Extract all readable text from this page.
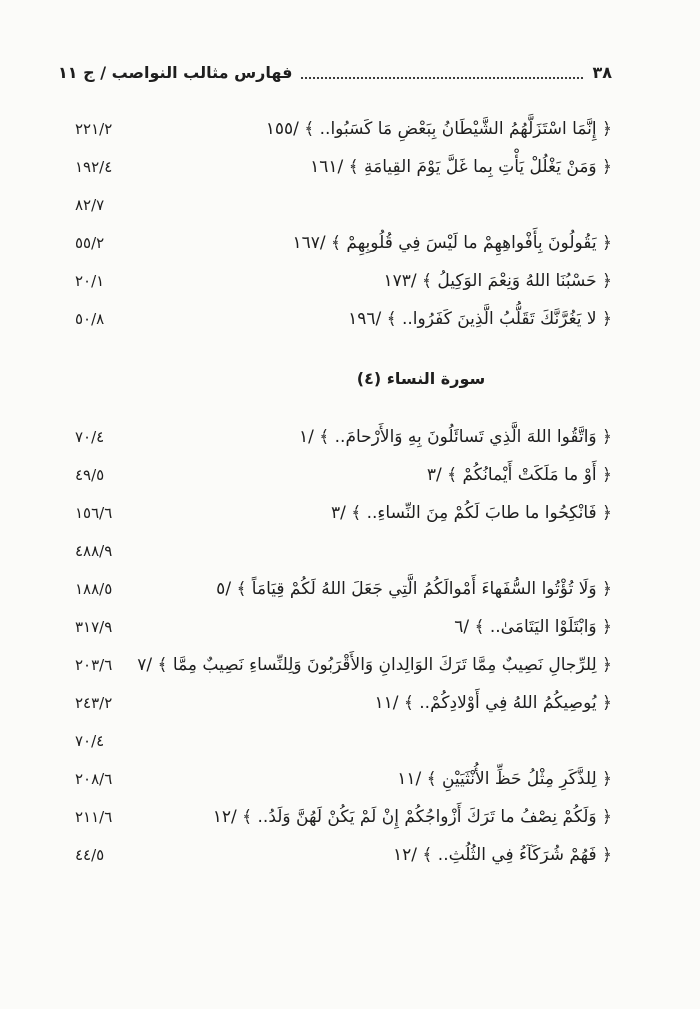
فهارس مثالب النواصب / ج ١١	٣٨
٢٢١/٢	﴿ إِنَّمَا اسْتَزَلَّهُمُ الشَّيْطَانُ بِبَعْضِ مَا كَسَبُوا.. ﴾ /١٥٥
١٩٢/٤	﴿ وَمَنْ يَغْلُلْ يَأْتِ بِما غَلَّ يَوْمَ القِيامَةِ ﴾ /١٦١
٨٢/٧
٥٥/٢	﴿ يَقُولُونَ بِأَفْواهِهِمْ ما لَيْسَ فِي قُلُوبِهِمْ ﴾ /١٦٧
٢٠/١	﴿ حَسْبُنَا اللهُ وَنِعْمَ الوَكِيلُ ﴾ /١٧٣
٥٠/٨	﴿ لا يَغُرَّنَّكَ تَقَلُّبُ الَّذِينَ كَفَرُوا.. ﴾ /١٩٦
سورة النساء (٤)
٧٠/٤	﴿ وَاتَّقُوا اللهَ الَّذِي تَسائَلُونَ بِهِ وَالأَرْحامَ.. ﴾ /١
٤٩/٥	﴿ أَوْ ما مَلَكَتْ أَيْمانُكُمْ ﴾ /٣
١٥٦/٦	﴿ فَانْكِحُوا ما طابَ لَكُمْ مِنَ النِّساءِ.. ﴾ /٣
٤٨٨/٩
١٨٨/٥	﴿ وَلَا تُؤْتُوا السُّفَهاءَ أَمْوالَكُمُ الَّتِي جَعَلَ اللهُ لَكُمْ قِيَامَاً ﴾ /٥
٣١٧/٩	﴿ وَابْتَلَوْا اليَتَامَىٰ.. ﴾ /٦
٢٠٣/٦ ﴿ لِلرِّجالِ نَصِيبٌ مِمَّا تَرَكَ الوَالِدانِ وَالأَقْرَبُونَ وَلِلنِّساءِ نَصِيبٌ مِمَّا ﴾ /٧
٢٤٣/٢	﴿ يُوصِيكُمُ اللهُ فِي أَوْلادِكُمْ.. ﴾ /١١
٧٠/٤
٢٠٨/٦	﴿ لِلذَّكَرِ مِثْلُ حَظِّ الأُنْثَيَيْنِ ﴾ /١١
٢١١/٦	﴿ وَلَكُمْ نِصْفُ ما تَرَكَ أَزْواجُكُمْ إِنْ لَمْ يَكُنْ لَهُنَّ وَلَدُ.. ﴾ /١٢
٤٤/٥	﴿ فَهُمْ شُرَكَآءُ فِي الثُلُثِ.. ﴾ /١٢
